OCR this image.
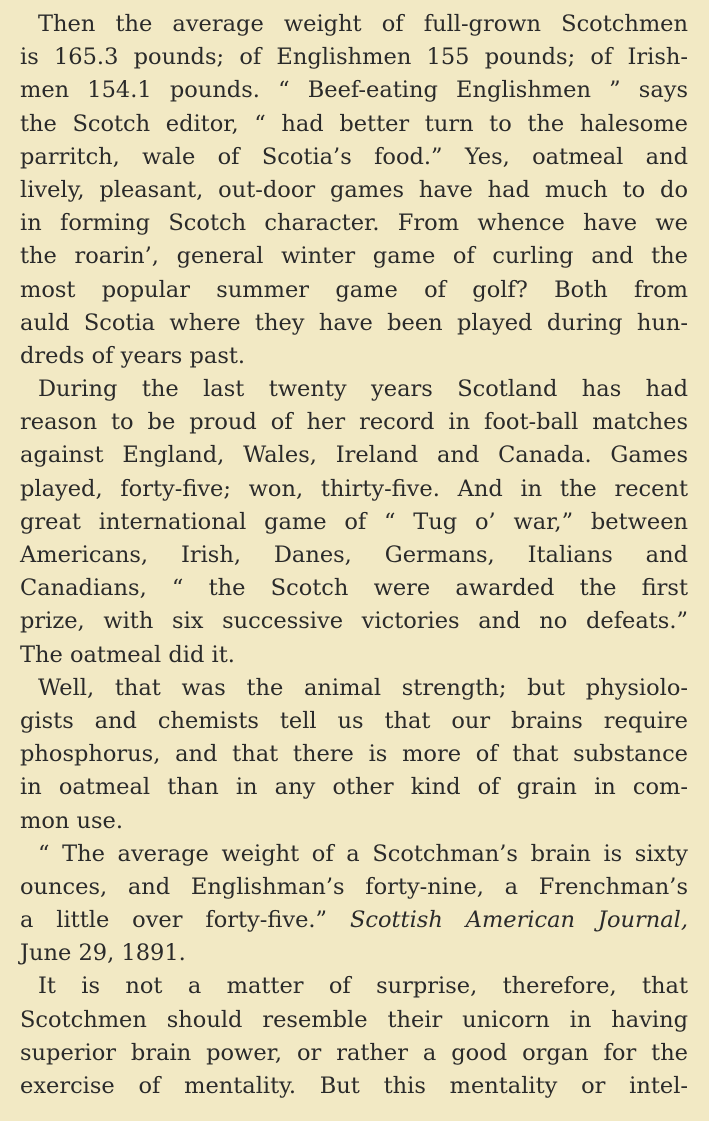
Then the average weight of full-grown Scotchmen
is 165.3 pounds; of Englishmen 155 pounds; of Irish-
men 154.1 pounds. “ Beef-eating Englishmen ” says
the Scotch editor, “ had better turn to the halesome
parritch, wale of Scotia’s food.” Yes, oatmeal and
lively, pleasant, out-door games have had much to do
in forming Scotch character. From whence have we
the roarin’, general winter game of curling and the
most popular summer game of golf? Both from
auld Scotia where they have been played during hun-
dreds of years past.
During the last twenty years Scotland has had
reason to be proud of her record in foot-ball matches
against England, Wales, Ireland and Canada. Games
played, forty-five; won, thirty-five. And in the recent
great international game of “ Tug o’ war,” between
Americans, Irish, Danes, Germans, Italians and
Canadians, “ the Scotch were awarded the first
prize, with six successive victories and no defeats.”
The oatmeal did it.
Well, that was the animal strength; but physiolo-
gists and chemists tell us that our brains require
phosphorus, and that there is more of that substance
in oatmeal than in any other kind of grain in com-
mon use.
“ The average weight of a Scotchman’s brain is sixty
ounces, and Englishman’s forty-nine, a Frenchman’s
a little over forty-five.” Scottish American Journal,
June 29, 1891.
It is not a matter of surprise, therefore, that
Scotchmen should resemble their unicorn in having
superior brain power, or rather a good organ for the
exercise of mentality. But this mentality or intel-
